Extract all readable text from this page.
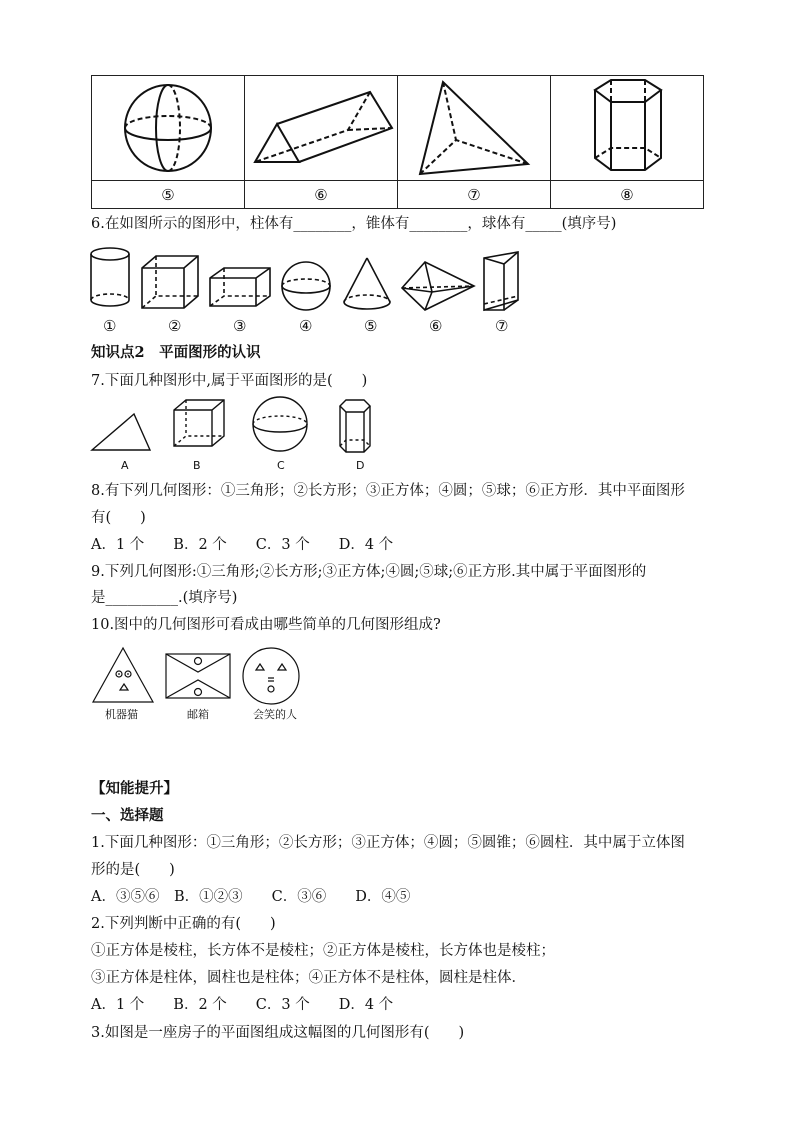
⑤	⑥	⑦	⑧
6.在如图所示的图形中，柱体有________，锥体有________，球体有_____(填序号)
①	②	③	④	⑤	⑥	⑦
知识点2　平面图形的认识
7.下面几种图形中,属于平面图形的是(　　)
A	B	C	D
8.有下列几何图形：①三角形；②长方形；③正方体；④圆；⑤球；⑥正方形．其中平面图形
有(　　)
A．1 个　　B．2 个　　C．3 个　　D．4 个
9.下列几何图形:①三角形;②长方形;③正方体;④圆;⑤球;⑥正方形.其中属于平面图形的
是__________.(填序号)
10.图中的几何图形可看成由哪些简单的几何图形组成?
机器猫	邮箱	会笑的人
【知能提升】
一、选择题
1.下面几种图形：①三角形；②长方形；③正方体；④圆；⑤圆锥；⑥圆柱．其中属于立体图
形的是(　　)
A．③⑤⑥　B．①②③　　C．③⑥　　D．④⑤
2.下列判断中正确的有(　　)
①正方体是棱柱，长方体不是棱柱；②正方体是棱柱，长方体也是棱柱；
③正方体是柱体，圆柱也是柱体；④正方体不是柱体，圆柱是柱体．
A．1 个　　B．2 个　　C．3 个　　D．4 个
3.如图是一座房子的平面图组成这幅图的几何图形有(　　)
